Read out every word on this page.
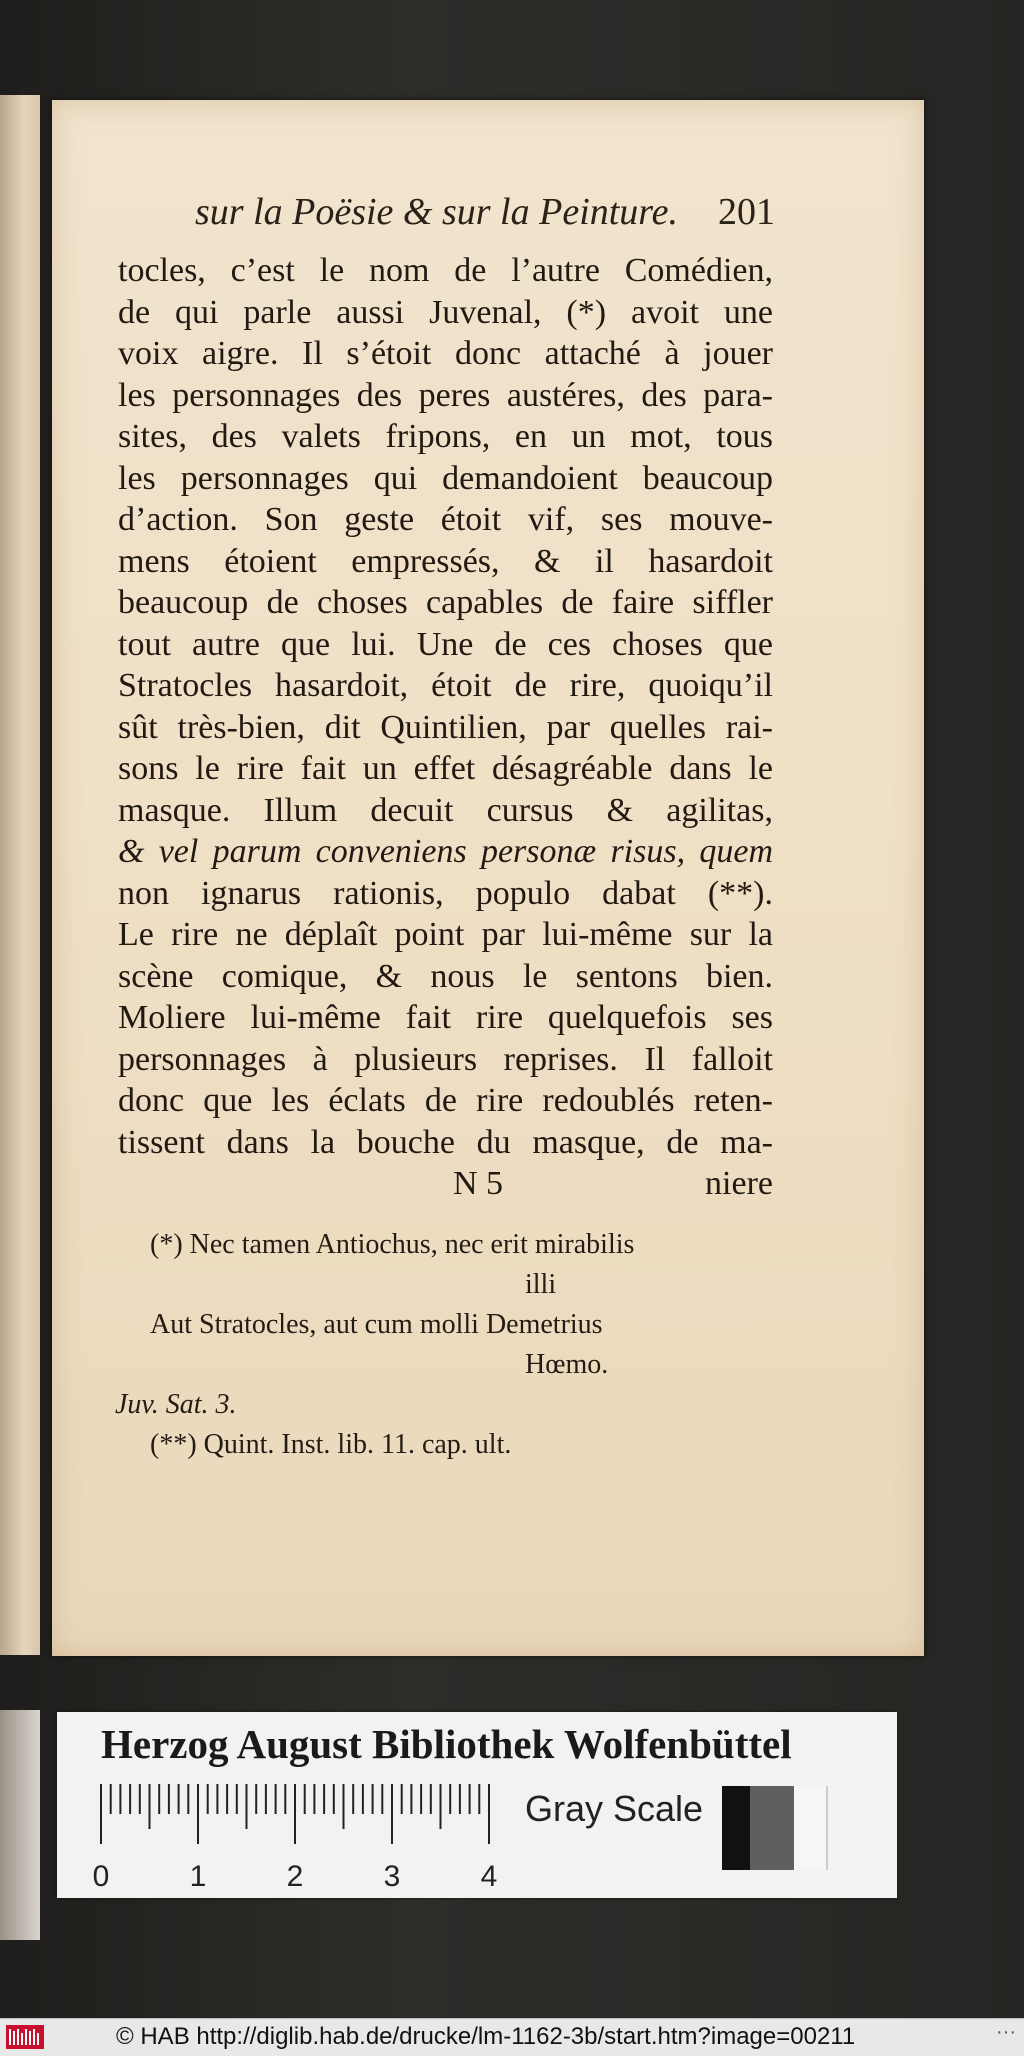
sur la Poësie & sur la Peinture. 201
tocles, c’est le nom de l’autre Comédien,
de qui parle aussi Juvenal, (*) avoit une
voix aigre. Il s’étoit donc attaché à jouer
les personnages des peres austéres, des para-
sites, des valets fripons, en un mot, tous
les personnages qui demandoient beaucoup
d’action. Son geste étoit vif, ses mouve-
mens étoient empressés, & il hasardoit
beaucoup de choses capables de faire siffler
tout autre que lui. Une de ces choses que
Stratocles hasardoit, étoit de rire, quoiqu’il
sût très-bien, dit Quintilien, par quelles rai-
sons le rire fait un effet désagréable dans le
masque. Illum decuit cursus & agilitas,
& vel parum conveniens personæ risus, quem
non ignarus rationis, populo dabat (**).
Le rire ne déplaît point par lui-même sur la
scène comique, & nous le sentons bien.
Moliere lui-même fait rire quelquefois ses
personnages à plusieurs reprises. Il falloit
donc que les éclats de rire redoublés reten-
tissent dans la bouche du masque, de ma-
N 5	niere
(*) Nec tamen Antiochus, nec erit mirabilis
illi
Aut Stratocles, aut cum molli Demetrius
Hœmo.
Juv. Sat. 3.
(**) Quint. Inst. lib. 11. cap. ult.
Herzog August Bibliothek Wolfenbüttel
0	1	2	3	4
Gray Scale
© HAB http://diglib.hab.de/drucke/lm-1162-3b/start.htm?image=00211	···
